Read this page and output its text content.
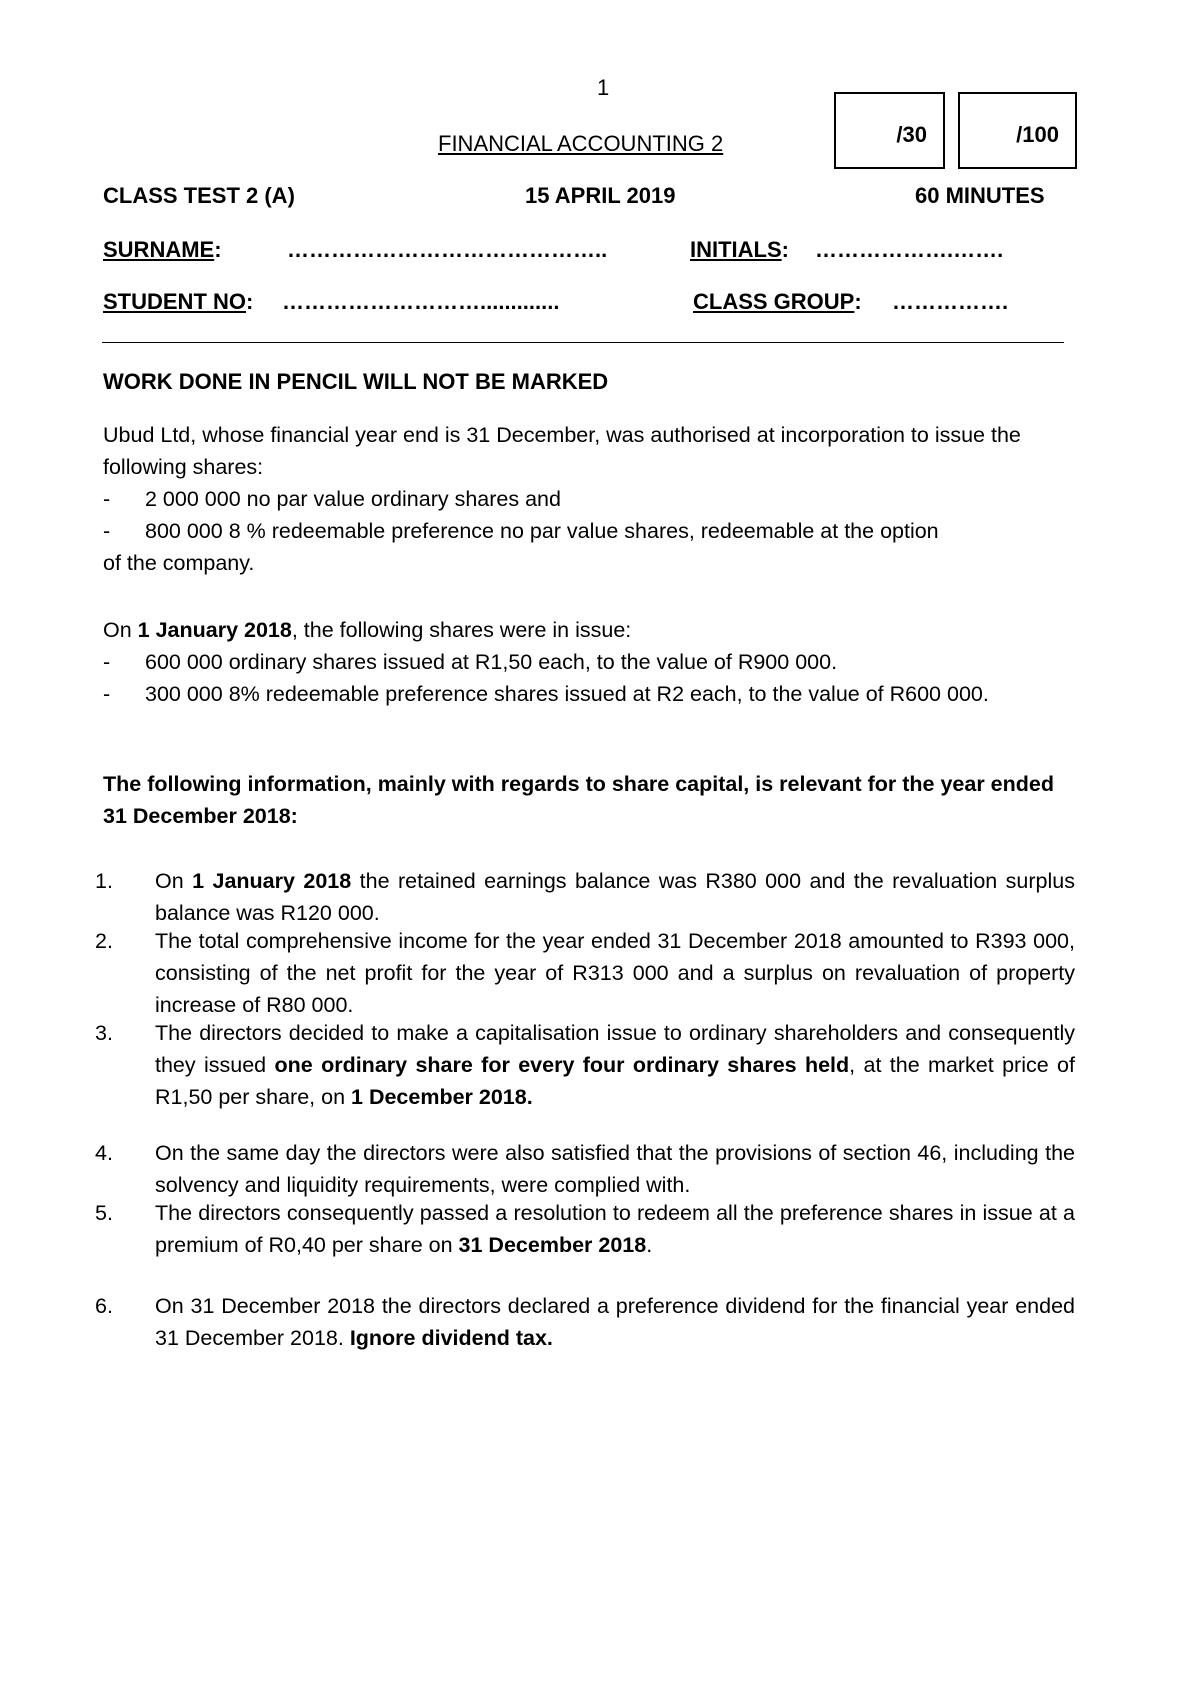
1
FINANCIAL ACCOUNTING 2	/30	/100
CLASS TEST 2 (A)	15 APRIL 2019	60 MINUTES
SURNAME:	……………………………………..	INITIALS: ……………….…….
STUDENT NO: ……………………….............	CLASS GROUP: …………….
WORK DONE IN PENCIL WILL NOT BE MARKED
Ubud Ltd, whose financial year end is 31 December, was authorised at incorporation to issue the following shares:
- 2 000 000 no par value ordinary shares and
- 800 000 8 % redeemable preference no par value shares, redeemable at the option
of the company.
On 1 January 2018, the following shares were in issue:
- 600 000 ordinary shares issued at R1,50 each, to the value of R900 000.
- 300 000 8% redeemable preference shares issued at R2 each, to the value of R600 000.
The following information, mainly with regards to share capital, is relevant for the year ended 31 December 2018:
1. On 1 January 2018 the retained earnings balance was R380 000 and the revaluation surplus balance was R120 000.
2. The total comprehensive income for the year ended 31 December 2018 amounted to R393 000, consisting of the net profit for the year of R313 000 and a surplus on revaluation of property increase of R80 000.
3. The directors decided to make a capitalisation issue to ordinary shareholders and consequently they issued one ordinary share for every four ordinary shares held, at the market price of R1,50 per share, on 1 December 2018.
4. On the same day the directors were also satisfied that the provisions of section 46, including the solvency and liquidity requirements, were complied with.
5. The directors consequently passed a resolution to redeem all the preference shares in issue at a premium of R0,40 per share on 31 December 2018.
6. On 31 December 2018 the directors declared a preference dividend for the financial year ended 31 December 2018. Ignore dividend tax.
